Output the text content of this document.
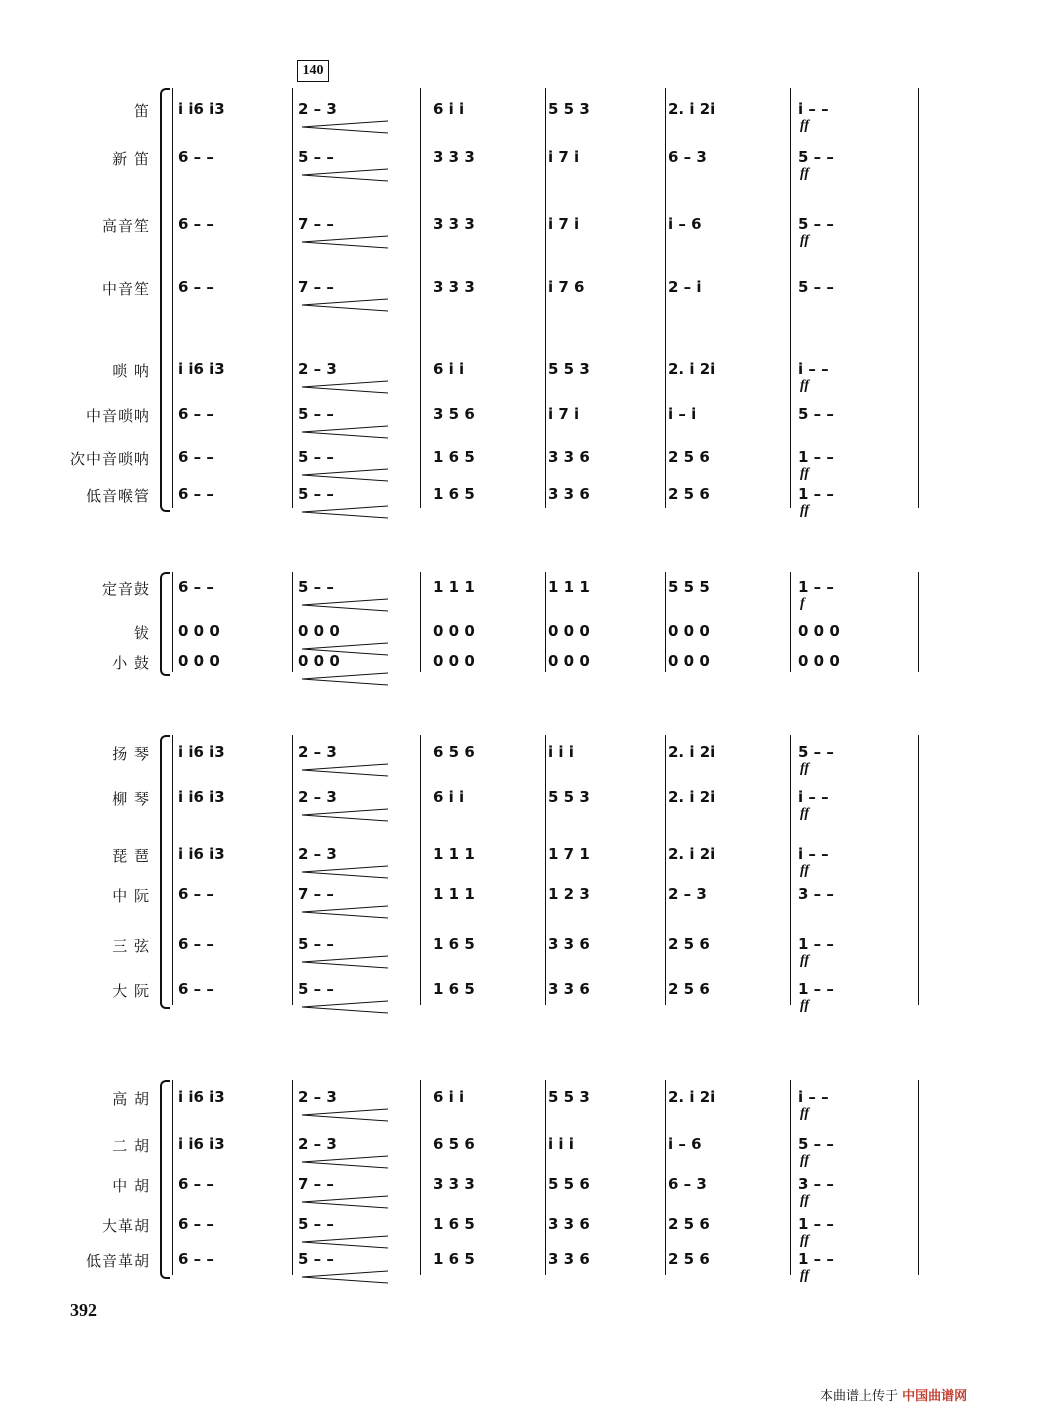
140
笛 i i6 i3	2 – 3	6 i i	5 5 3	2. i 2i	i – –
ff
新 笛 6 – –	5 – –	3 3 3	i 7 i	6 – 3	5 – –
ff
高音笙 6 – –	7 – –	3 3 3	i 7 i	i – 6	5 – –
ff
中音笙 6 – –	7 – –	3 3 3	i 7 6	2 – i	5 – –
唢 呐 i i6 i3	2 – 3	6 i i	5 5 3	2. i 2i	i – –
ff
中音唢呐 6 – –	5 – –	3 5 6	i 7 i	i – i	5 – –
次中音唢呐 6 – –	5 – –	1 6 5	3 3 6	2 5 6	1 – –
ff
低音喉管 6 – –	5 – –	1 6 5	3 3 6	2 5 6	1 – –
ff
定音鼓 6 – –	5 – –	1 1 1	1 1 1	5 5 5	1 – –
f
钹 0 0 0	0 0 0	0 0 0	0 0 0	0 0 0	0 0 0
小 鼓 0 0 0	0 0 0	0 0 0	0 0 0	0 0 0	0 0 0
扬 琴 i i6 i3	2 – 3	6 5 6	i i i	2. i 2i	5 – –
ff
柳 琴 i i6 i3	2 – 3	6 i i	5 5 3	2. i 2i	i – –
ff
琵 琶 i i6 i3	2 – 3	1 1 1	1 7 1	2. i 2i	i – –
ff
中 阮 6 – –	7 – –	1 1 1	1 2 3	2 – 3	3 – –
三 弦 6 – –	5 – –	1 6 5	3 3 6	2 5 6	1 – –
ff
大 阮 6 – –	5 – –	1 6 5	3 3 6	2 5 6	1 – –
ff
高 胡 i i6 i3	2 – 3	6 i i	5 5 3	2. i 2i	i – –
ff
二 胡 i i6 i3	2 – 3	6 5 6	i i i	i – 6	5 – –
ff
中 胡 6 – –	7 – –	3 3 3	5 5 6	6 – 3	3 – –
ff
大革胡 6 – –	5 – –	1 6 5	3 3 6	2 5 6	1 – –
ff
低音革胡 6 – –	5 – –	1 6 5	3 3 6	2 5 6	1 – –
ff
392
本曲谱上传于 中国曲谱网
